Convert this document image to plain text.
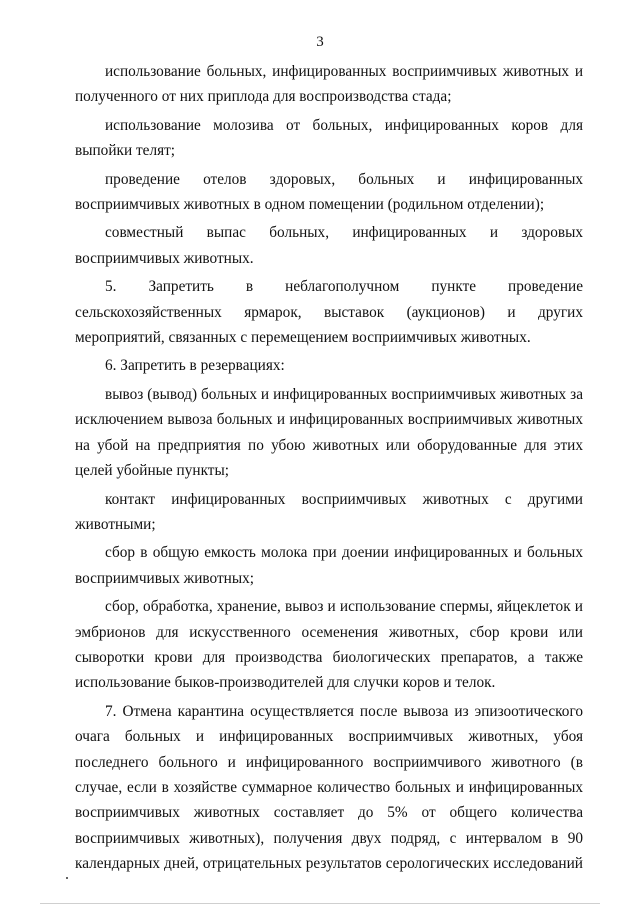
3

использование больных, инфицированных восприимчивых животных и полученного от них приплода для воспроизводства стада;

использование молозива от больных, инфицированных коров для выпойки телят;

проведение отелов здоровых, больных и инфицированных восприимчивых животных в одном помещении (родильном отделении);

совместный выпас больных, инфицированных и здоровых восприимчивых животных.

5. Запретить в неблагополучном пункте проведение сельскохозяйственных ярмарок, выставок (аукционов) и других мероприятий, связанных с перемещением восприимчивых животных.

6. Запретить в резервациях:

вывоз (вывод) больных и инфицированных восприимчивых животных за исключением вывоза больных и инфицированных восприимчивых животных на убой на предприятия по убою животных или оборудованные для этих целей убойные пункты;

контакт инфицированных восприимчивых животных с другими животными;

сбор в общую емкость молока при доении инфицированных и больных восприимчивых животных;

сбор, обработка, хранение, вывоз и использование спермы, яйцеклеток и эмбрионов для искусственного осеменения животных, сбор крови или сыворотки крови для производства биологических препаратов, а также использование быков-производителей для случки коров и телок.

7. Отмена карантина осуществляется после вывоза из эпизоотического очага больных и инфицированных восприимчивых животных, убоя последнего больного и инфицированного восприимчивого животного (в случае, если в хозяйстве суммарное количество больных и инфицированных восприимчивых животных составляет до 5% от общего количества восприимчивых животных), получения двух подряд, с интервалом в 90 календарных дней, отрицательных результатов серологических исследований
